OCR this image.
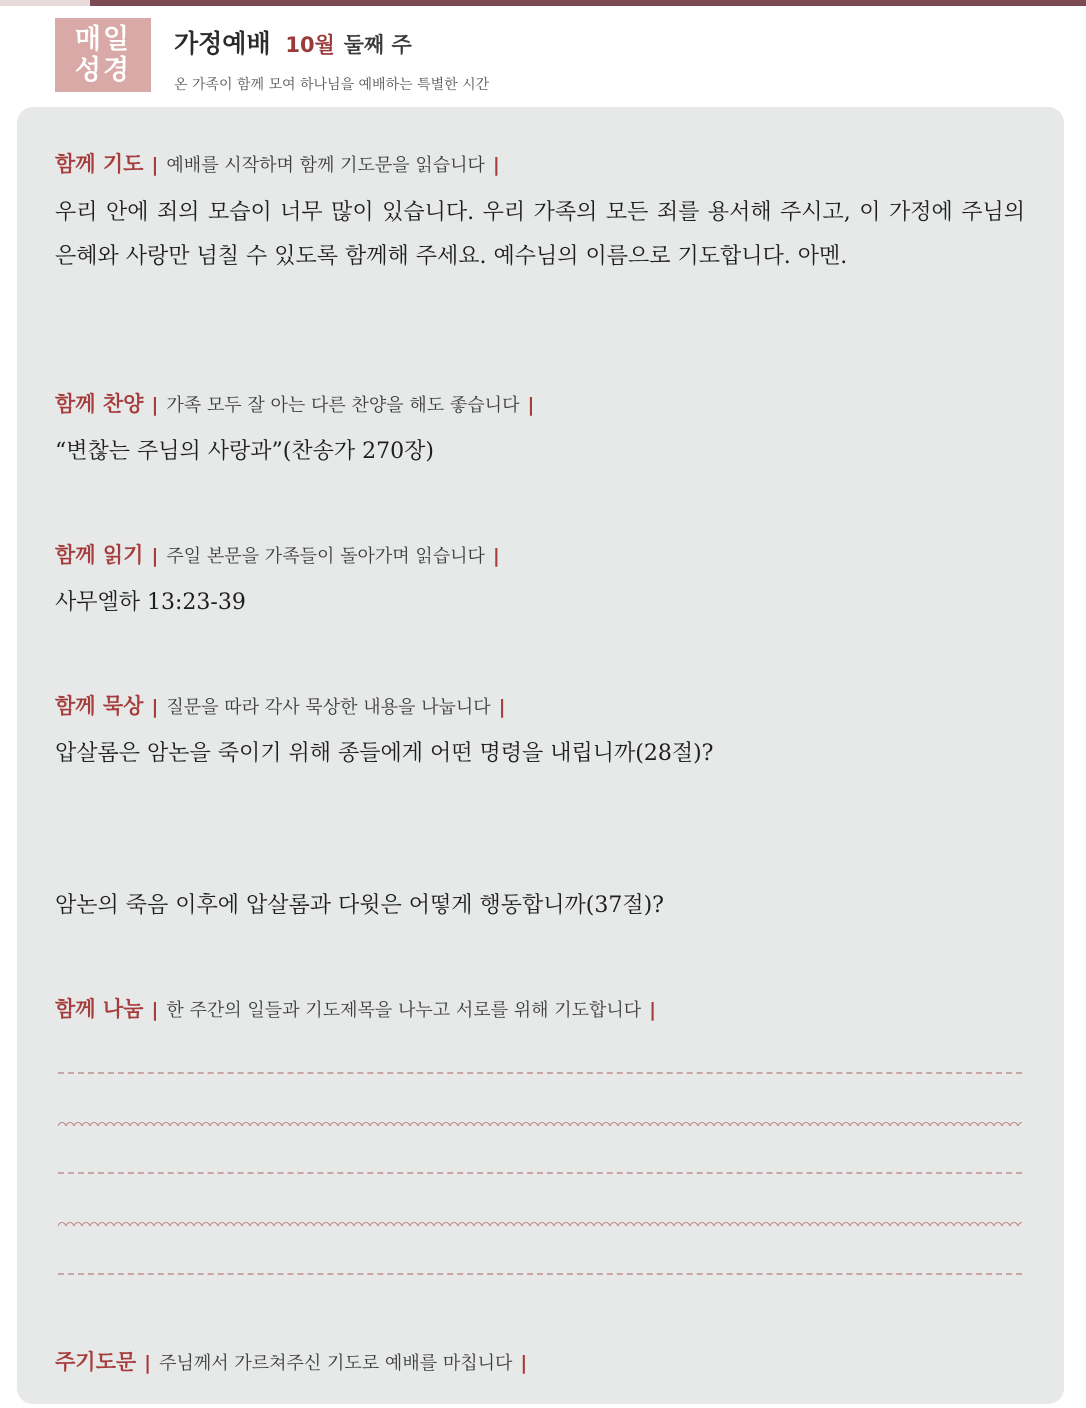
매일
성경
가정예배 10월 둘째 주
온 가족이 함께 모여 하나님을 예배하는 특별한 시간
함께 기도 | 예배를 시작하며 함께 기도문을 읽습니다 |
우리 안에 죄의 모습이 너무 많이 있습니다. 우리 가족의 모든 죄를 용서해 주시고, 이 가정에 주님의 은혜와 사랑만 넘칠 수 있도록 함께해 주세요. 예수님의 이름으로 기도합니다. 아멘.
함께 찬양 | 가족 모두 잘 아는 다른 찬양을 해도 좋습니다 |
“변찮는 주님의 사랑과”(찬송가 270장)
함께 읽기 | 주일 본문을 가족들이 돌아가며 읽습니다 |
사무엘하 13:23-39
함께 묵상 | 질문을 따라 각사 묵상한 내용을 나눕니다 |
압살롬은 암논을 죽이기 위해 종들에게 어떤 명령을 내립니까(28절)?
암논의 죽음 이후에 압살롬과 다윗은 어떻게 행동합니까(37절)?
함께 나눔 | 한 주간의 일들과 기도제목을 나누고 서로를 위해 기도합니다 |
주기도문 | 주님께서 가르쳐주신 기도로 예배를 마칩니다 |
